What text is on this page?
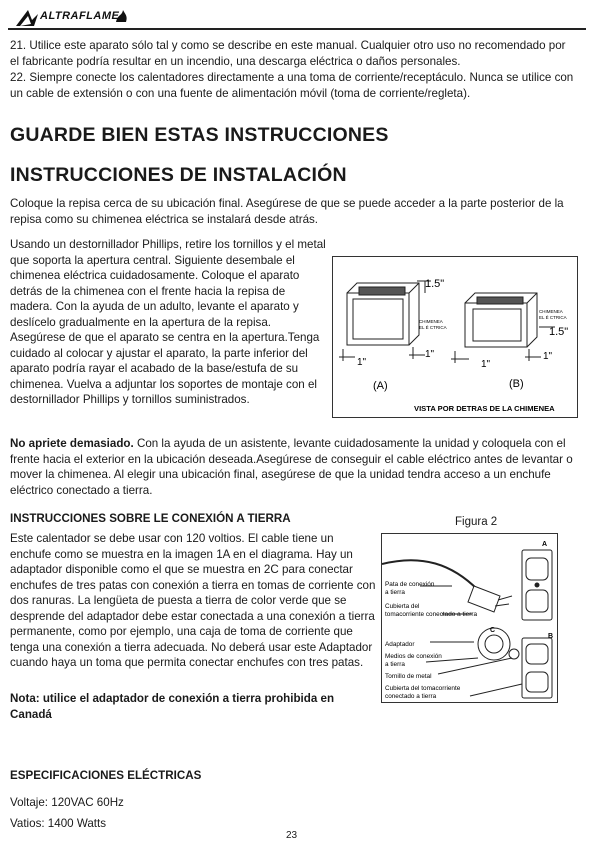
ALTRAFLAME

21. Utilice este aparato sólo tal y como se describe en este manual. Cualquier otro uso no recomendado por el fabricante podría resultar en un incendio, una descarga eléctrica o daños personales.

22. Siempre conecte los calentadores directamente a una toma de corriente/receptáculo. Nunca se utilice con un cable de extensión o con una fuente de alimentación móvil (toma de corriente/regleta).

GUARDE BIEN ESTAS INSTRUCCIONES
INSTRUCCIONES DE INSTALACIÓN

Coloque la repisa cerca de su ubicación final. Asegúrese de que se puede acceder a la parte posterior de la repisa como su chimenea eléctrica se instalará desde atrás.

Usando un destornillador Phillips, retire los tornillos y el metal que soporta la apertura central. Siguiente desembale el chimenea eléctrica cuidadosamente. Coloque el aparato detrás de la chimenea con el frente hacia la repisa de madera. Con la ayuda de un adulto, levante el aparato y deslícelo gradualmente en la apertura de la repisa. Asegúrese de que el aparato se centra en la apertura.Tenga cuidado al colocar y ajustar el aparato, la parte inferior del aparato podría rayar el acabado de la base/estufa de su chimenea. Vuelva a adjuntar los soportes de montaje con el destornillador Phillips y tornillos suministrados.

1.5"
1.5"
1"
1"
1"
1"
CHIMENEA
EL É CTRICA
CHIMENEA
EL É CTRICA
(A)	(B)
VISTA POR DETRAS DE LA CHIMENEA

No apriete demasiado. Con la ayuda de un asistente, levante cuidadosamente la unidad y coloquela con el frente hacia el exterior en la ubicación deseada.Asegúrese de conseguir el cable eléctrico antes de levantar o mover la chimenea. Al elegir una ubicación final, asegúrese de que la unidad tendra acceso a un enchufe eléctrico conectado a tierra.

INSTRUCCIONES SOBRE LE CONEXIÓN A TIERRA

Este calentador se debe usar con 120 voltios. El cable tiene un enchufe como se muestra en la imagen 1A en el diagrama. Hay un adaptador disponible como el que se muestra en 2C para conectar enchufes de tres patas con conexión a tierra en tomas de corriente con dos ranuras. La lengüeta de puesta a tierra de color verde que se desprende del adaptador debe estar conectada a una conexión a tierra permanente, como por ejemplo, una caja de toma de corriente que tenga una conexión a tierra adecuada. No deberá usar este Adaptador cuando haya un toma que permita conectar enchufes con tres patas.

Nota: utilice el adaptador de conexión a tierra prohibida en Canadá

Figura 2
Pata de conexión
a tierra
Cubierta del
tomacorriente conectado a tierra
Adaptador
Medios de conexión
a tierra
Tornillo de metal
Cubierta del tomacorriente
conectado a tierra
A
B
C
ESPECIFICACIONES ELÉCTRICAS
Voltaje: 120VAC 60Hz
Vatios: 1400 Watts
23
